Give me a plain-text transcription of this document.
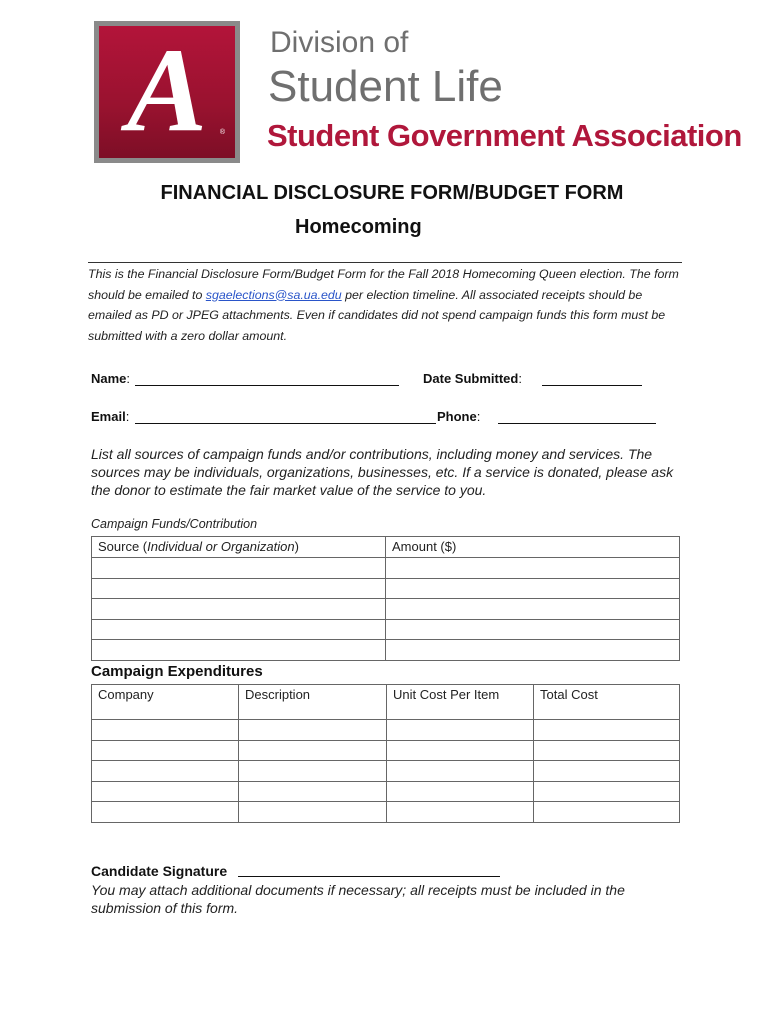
A ®
Division of
Student Life
Student Government Association
FINANCIAL DISCLOSURE FORM/BUDGET FORM
Homecoming
This is the Financial Disclosure Form/Budget Form for the Fall 2018 Homecoming Queen election. The form should be emailed to sgaelections@sa.ua.edu per election timeline. All associated receipts should be emailed as PD or JPEG attachments. Even if candidates did not spend campaign funds this form must be submitted with a zero dollar amount.
Name:	Date Submitted:
Email:	Phone:
List all sources of campaign funds and/or contributions, including money and services. The sources may be individuals, organizations, businesses, etc. If a service is donated, please ask the donor to estimate the fair market value of the service to you.
Campaign Funds/Contribution
Source (Individual or Organization)	Amount ($)

Campaign Expenditures
Company	Description	Unit Cost Per Item	Total Cost

Candidate Signature
You may attach additional documents if necessary; all receipts must be included in the submission of this form.
